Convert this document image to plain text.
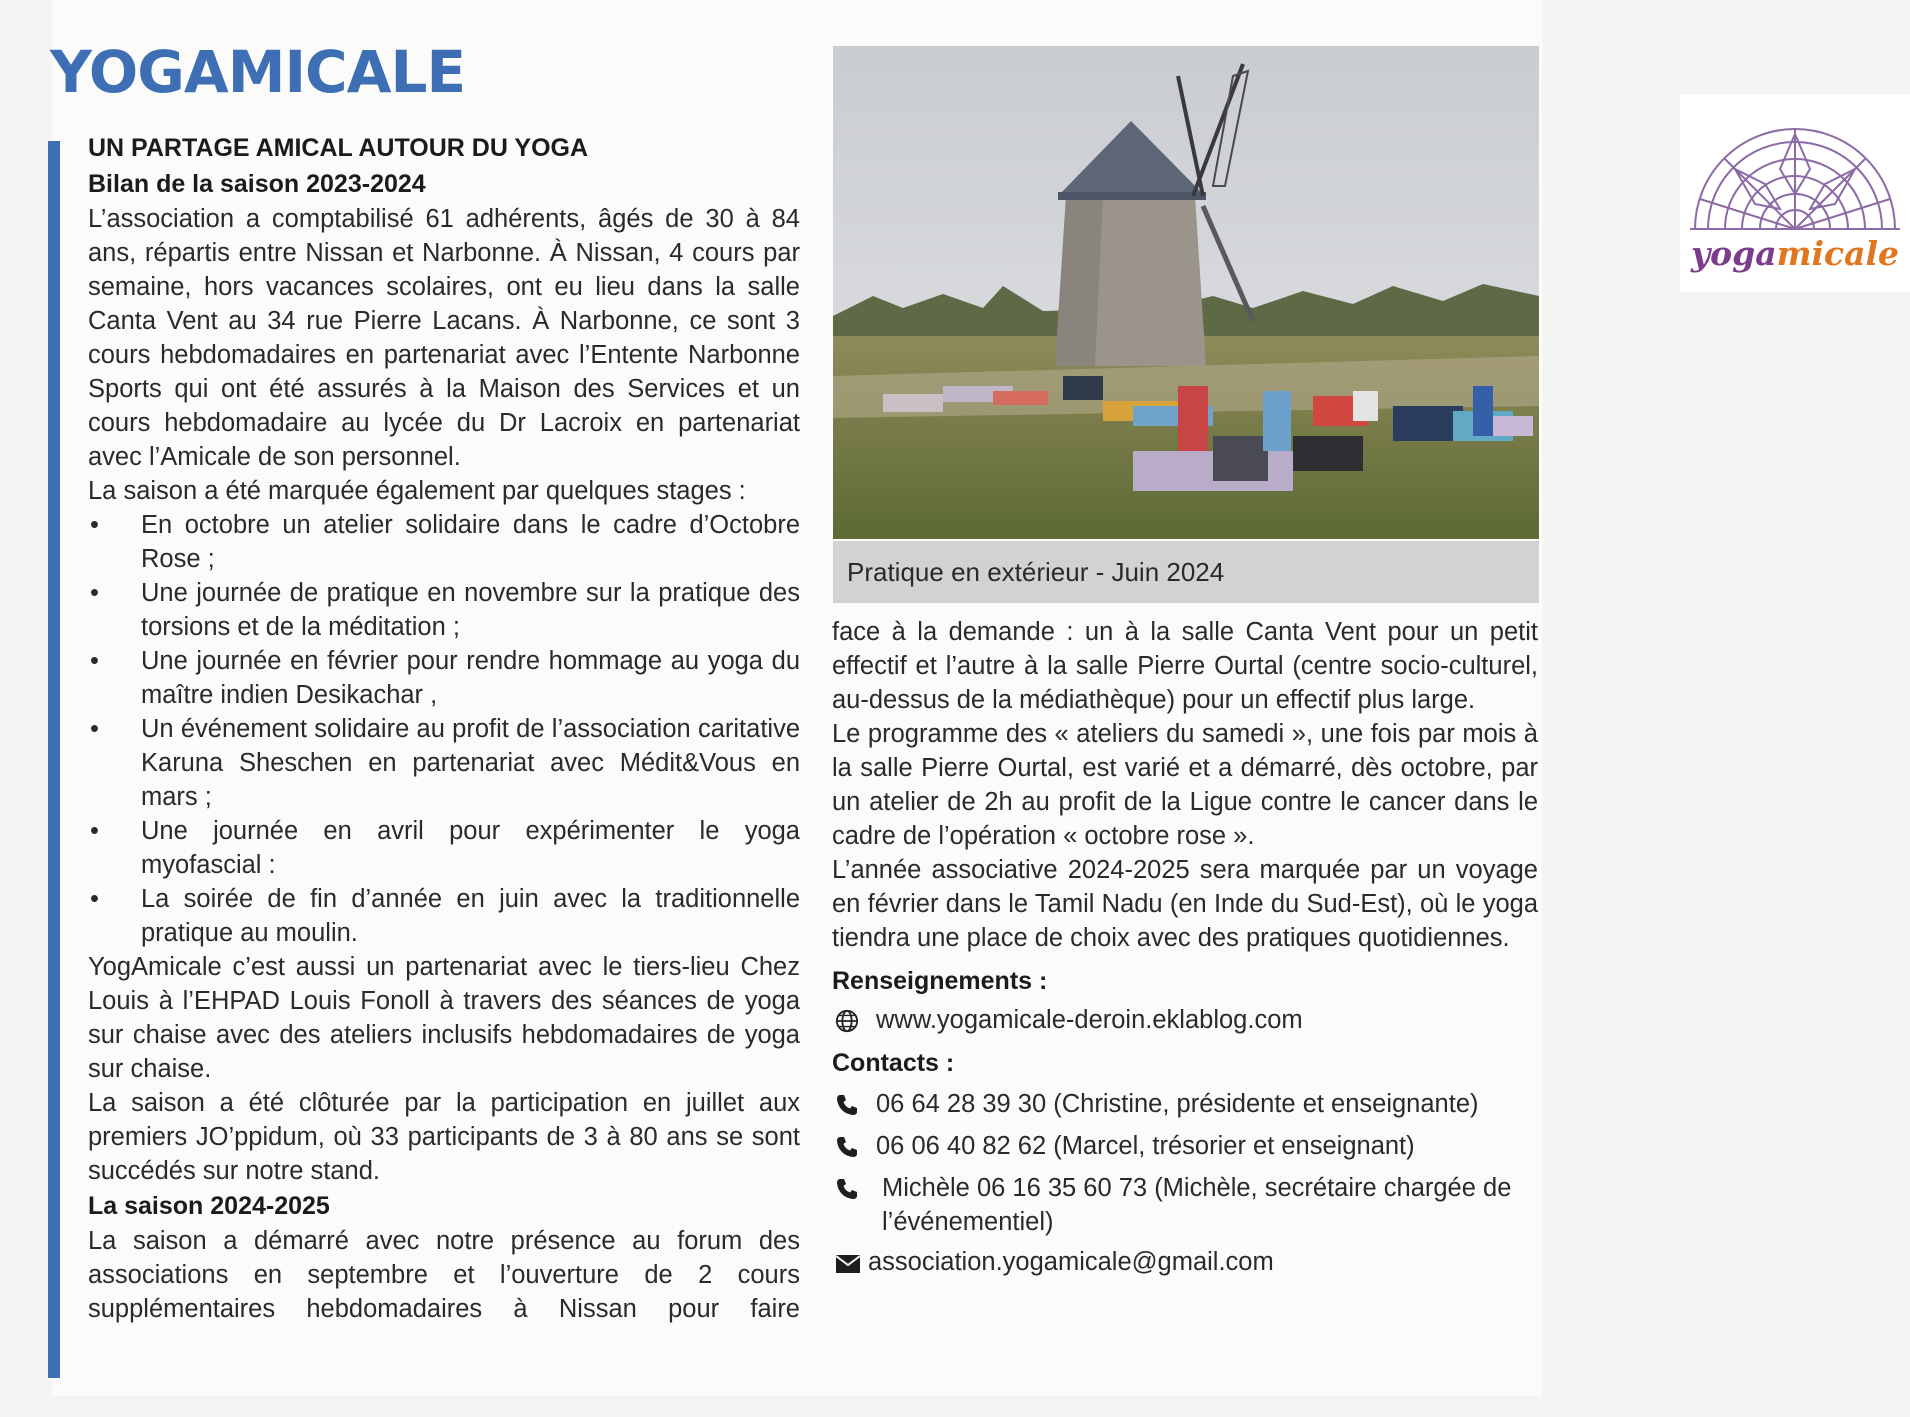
YOGAMICALE
UN PARTAGE AMICAL AUTOUR DU YOGA
Bilan de la saison 2023-2024

L’association a comptabilisé 61 adhérents, âgés de 30 à 84 ans, répartis entre Nissan et Narbonne. À Nissan, 4 cours par semaine, hors vacances scolaires, ont eu lieu dans la salle Canta Vent au 34 rue Pierre Lacans. À Narbonne, ce sont 3 cours hebdomadaires en partenariat avec l’Entente Narbonne Sports qui ont été assurés à la Maison des Services et un cours hebdomadaire au lycée du Dr Lacroix en partenariat avec l’Amicale de son personnel.

La saison a été marquée également par quelques stages :

• En octobre un atelier solidaire dans le cadre d’Octobre Rose ;
• Une journée de pratique en novembre sur la pratique des torsions et de la méditation ;
• Une journée en février pour rendre hommage au yoga du maître indien Desikachar ,
• Un événement solidaire au profit de l’association caritative Karuna Sheschen en partenariat avec Médit&Vous en mars ;
• Une journée en avril pour expérimenter le yoga myofascial :
• La soirée de fin d’année en juin avec la traditionnelle pratique au moulin.

YogAmicale c’est aussi un partenariat avec le tiers-lieu Chez Louis à l’EHPAD Louis Fonoll à travers des séances de yoga sur chaise avec des ateliers inclusifs hebdomadaires de yoga sur chaise.

La saison a été clôturée par la participation en juillet aux premiers JO’ppidum, où 33 participants de 3 à 80 ans se sont succédés sur notre stand.

La saison 2024-2025

La saison a démarré avec notre présence au forum des associations en septembre et l’ouverture de 2 cours supplémentaires hebdomadaires à Nissan pour faire

yogamicale
Pratique en extérieur - Juin 2024

face à la demande : un à la salle Canta Vent pour un petit effectif et l’autre à la salle Pierre Ourtal (centre socio-culturel, au-dessus de la médiathèque) pour un effectif plus large.

Le programme des « ateliers du samedi », une fois par mois à la salle Pierre Ourtal, est varié et a démarré, dès octobre, par un atelier de 2h au profit de la Ligue contre le cancer dans le cadre de l’opération « octobre rose ».

L’année associative 2024-2025 sera marquée par un voyage en février dans le Tamil Nadu (en Inde du Sud-Est), où le yoga tiendra une place de choix avec des pratiques quotidiennes.

Renseignements :
www.yogamicale-deroin.eklablog.com
Contacts :
06 64 28 39 30 (Christine, présidente et enseignante)
06 06 40 82 62 (Marcel, trésorier et enseignant)
Michèle 06 16 35 60 73 (Michèle, secrétaire chargée de l’événementiel)
association.yogamicale@gmail.com
